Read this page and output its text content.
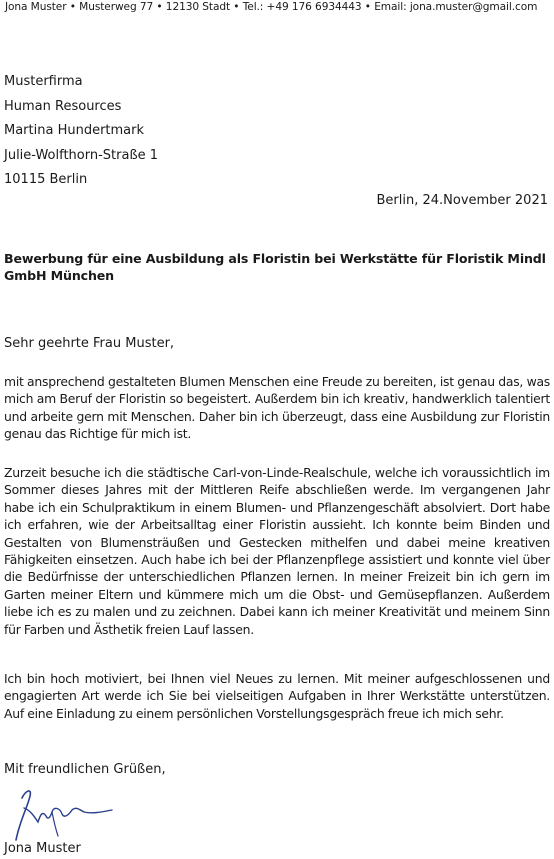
Jona Muster • Musterweg 77 • 12130 Stadt • Tel.: +49 176 6934443 • Email: jona.muster@gmail.com
Musterfirma
Human Resources
Martina Hundertmark
Julie-Wolfthorn-Straße 1
10115 Berlin
Berlin, 24.November 2021
Bewerbung für eine Ausbildung als Floristin bei Werkstätte für Floristik Mindl GmbH München
Sehr geehrte Frau Muster,
mit ansprechend gestalteten Blumen Menschen eine Freude zu bereiten, ist genau das, was mich am Beruf der Floristin so begeistert. Außerdem bin ich kreativ, handwerklich talentiert und arbeite gern mit Menschen. Daher bin ich überzeugt, dass eine Ausbildung zur Floristin genau das Richtige für mich ist.
Zurzeit besuche ich die städtische Carl-von-Linde-Realschule, welche ich voraussichtlich im Sommer dieses Jahres mit der Mittleren Reife abschließen werde. Im vergangenen Jahr habe ich ein Schulpraktikum in einem Blumen- und Pflanzengeschäft absolviert. Dort habe ich erfahren, wie der Arbeitsalltag einer Floristin aussieht. Ich konnte beim Binden und Gestalten von Blumensträußen und Gestecken mithelfen und dabei meine kreativen Fähigkeiten einsetzen. Auch habe ich bei der Pflanzenpflege assistiert und konnte viel über die Bedürfnisse der unterschiedlichen Pflanzen lernen. In meiner Freizeit bin ich gern im Garten meiner Eltern und kümmere mich um die Obst- und Gemüsepflanzen. Außerdem liebe ich es zu malen und zu zeichnen. Dabei kann ich meiner Kreativität und meinem Sinn für Farben und Ästhetik freien Lauf lassen.
Ich bin hoch motiviert, bei Ihnen viel Neues zu lernen. Mit meiner aufgeschlossenen und engagierten Art werde ich Sie bei vielseitigen Aufgaben in Ihrer Werkstätte unterstützen. Auf eine Einladung zu einem persönlichen Vorstellungsgespräch freue ich mich sehr.
Mit freundlichen Grüßen,
Jona Muster
